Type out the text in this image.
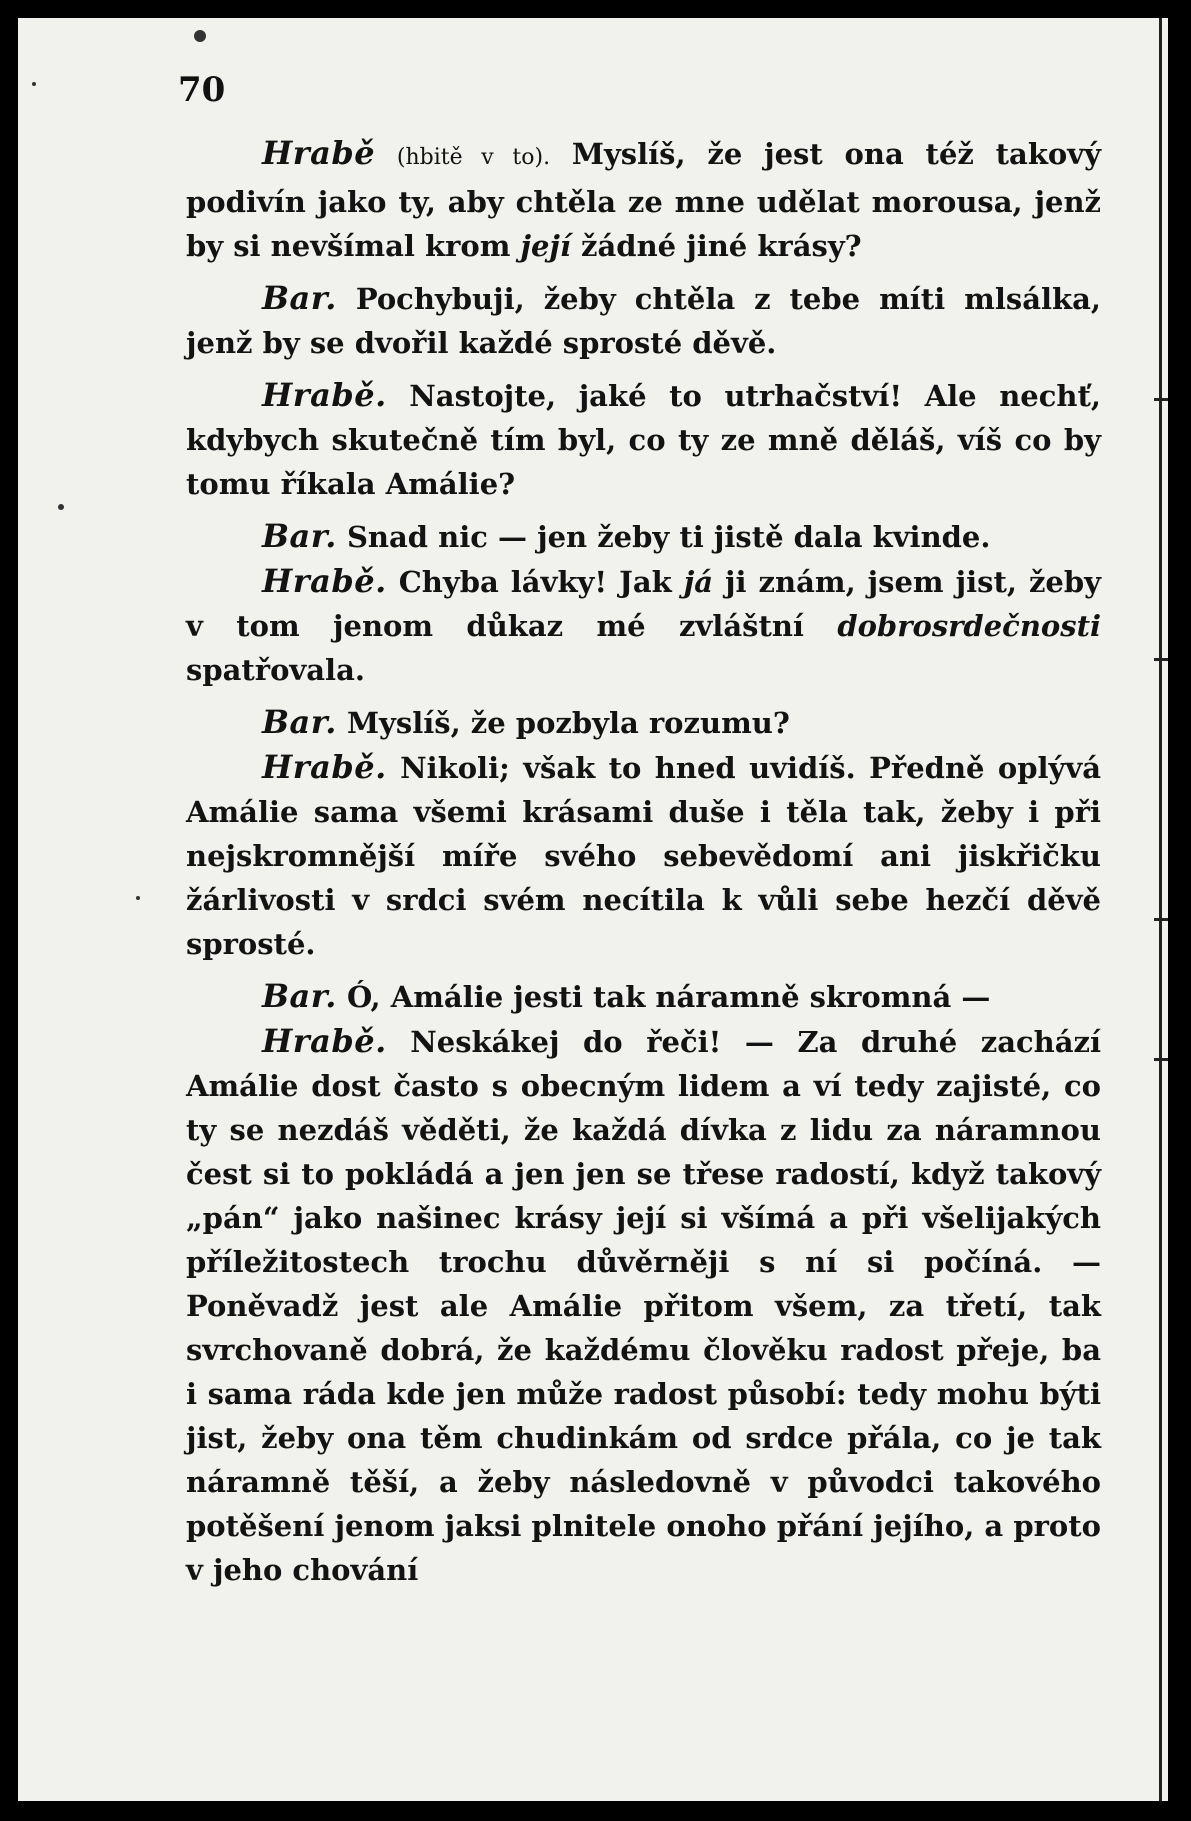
70

Hrabě (hbitě v to). Myslíš, že jest ona též takový podivín jako ty, aby chtěla ze mne udělat morousa, jenž by si nevšímal krom její žádné jiné krásy?

Bar. Pochybuji, žeby chtěla z tebe míti mlsálka, jenž by se dvořil každé sprosté děvě.

Hrabě. Nastojte, jaké to utrhačství! Ale nechť, kdybych skutečně tím byl, co ty ze mně děláš, víš co by tomu říkala Amálie?

Bar. Snad nic — jen žeby ti jistě dala kvinde.

Hrabě. Chyba lávky! Jak já ji znám, jsem jist, žeby v tom jenom důkaz mé zvláštní dobrosrdečnosti spatřovala.

Bar. Myslíš, že pozbyla rozumu?

Hrabě. Nikoli; však to hned uvidíš. Předně oplývá Amálie sama všemi krásami duše i těla tak, žeby i při nejskromnější míře svého sebevědomí ani jiskřičku žárlivosti v srdci svém necítila k vůli sebe hezčí děvě sprosté.

Bar. Ó, Amálie jesti tak náramně skromná —

Hrabě. Neskákej do řeči! — Za druhé zachází Amálie dost často s obecným lidem a ví tedy zajisté, co ty se nezdáš věděti, že každá dívka z lidu za náramnou čest si to pokládá a jen jen se třese radostí, když takový „pán“ jako našinec krásy její si všímá a při všelijakých příležitostech trochu důvěrněji s ní si počíná. — Poněvadž jest ale Amálie přitom všem, za třetí, tak svrchovaně dobrá, že každému člověku radost přeje, ba i sama ráda kde jen může radost působí: tedy mohu býti jist, žeby ona těm chudinkám od srdce přála, co je tak náramně těší, a žeby následovně v původci takového potěšení jenom jaksi plnitele onoho přání jejího, a proto v jeho chování
